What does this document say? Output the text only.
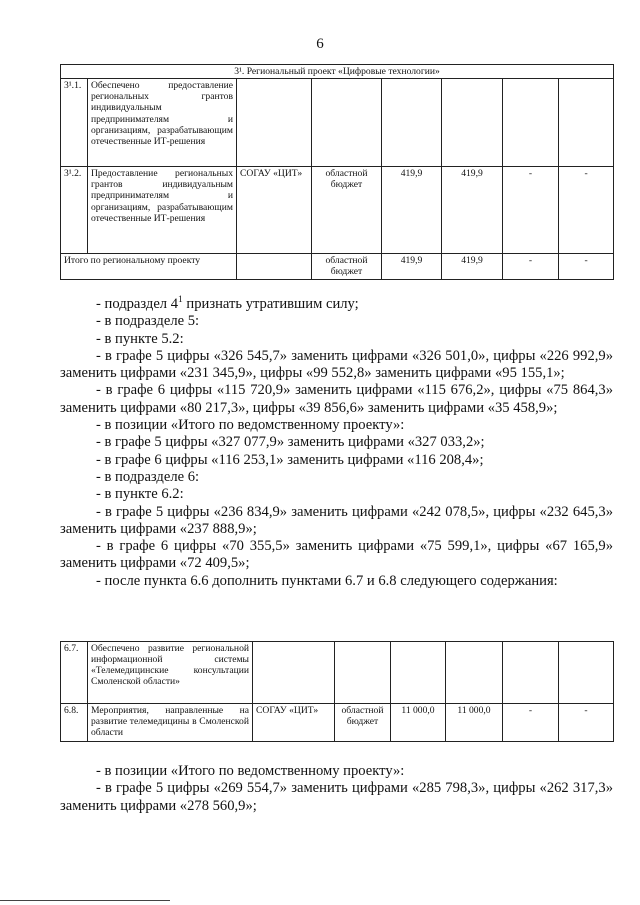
6
3¹. Региональный проект «Цифровые технологии»							
3¹.1.	Обеспечено предоставление региональных грантов индивидуальным предпринимателям и организациям, разрабатывающим отечественные ИТ-решения						
3¹.2.	Предоставление региональных грантов индивидуальным предпринимателям и организациям, разрабатывающим отечественные ИТ-решения	СОГАУ «ЦИТ»	областной бюджет	419,9	419,9	-	-
Итого по региональному проекту			областной бюджет	419,9	419,9	-	-
- подраздел $4^1$ признать утратившим силу;
- в подразделе 5:
- в пункте 5.2:
- в графе 5 цифры «326 545,7» заменить цифрами «326 501,0», цифры «226 992,9» заменить цифрами «231 345,9», цифры «99 552,8» заменить цифрами «95 155,1»;
- в графе 6 цифры «115 720,9» заменить цифрами «115 676,2», цифры «75 864,3» заменить цифрами «80 217,3», цифры «39 856,6» заменить цифрами «35 458,9»;
- в позиции «Итого по ведомственному проекту»:
- в графе 5 цифры «327 077,9» заменить цифрами «327 033,2»;
- в графе 6 цифры «116 253,1» заменить цифрами «116 208,4»;
- в подразделе 6:
- в пункте 6.2:
- в графе 5 цифры «236 834,9» заменить цифрами «242 078,5», цифры «232 645,3» заменить цифрами «237 888,9»;
- в графе 6 цифры «70 355,5» заменить цифрами «75 599,1», цифры «67 165,9» заменить цифрами «72 409,5»;
- после пункта 6.6 дополнить пунктами 6.7 и 6.8 следующего содержания:
6.7.	Обеспечено развитие региональной информационной системы «Телемедицинские консультации Смоленской области»						
6.8.	Мероприятия, направленные на развитие телемедицины в Смоленской области	СОГАУ «ЦИТ»	областной бюджет	11 000,0	11 000,0	-	-
- в позиции «Итого по ведомственному проекту»:
- в графе 5 цифры «269 554,7» заменить цифрами «285 798,3», цифры «262 317,3» заменить цифрами «278 560,9»;
